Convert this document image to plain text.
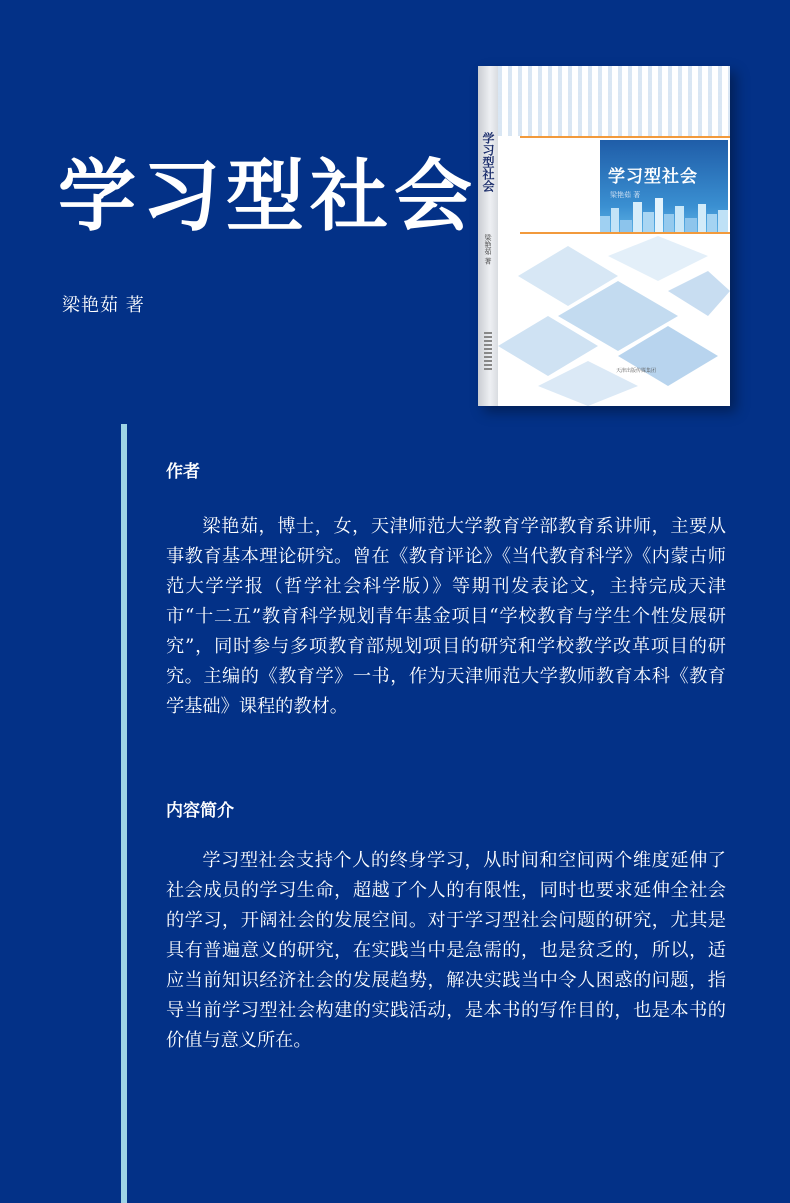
学习型社会
梁艳茹 著
学习型社会
梁艳茹 著
学习型社会
梁艳茹 著
天津出版传媒集团
作者
梁艳茹，博士，女，天津师范大学教育学部教育系讲师，主要从事教育基本理论研究。曾在《教育评论》《当代教育科学》《内蒙古师范大学学报（哲学社会科学版）》等期刊发表论文，主持完成天津市“十二五”教育科学规划青年基金项目“学校教育与学生个性发展研究”，同时参与多项教育部规划项目的研究和学校教学改革项目的研究。主编的《教育学》一书，作为天津师范大学教师教育本科《教育学基础》课程的教材。
内容简介
学习型社会支持个人的终身学习，从时间和空间两个维度延伸了社会成员的学习生命，超越了个人的有限性，同时也要求延伸全社会的学习，开阔社会的发展空间。对于学习型社会问题的研究，尤其是具有普遍意义的研究，在实践当中是急需的，也是贫乏的，所以，适应当前知识经济社会的发展趋势，解决实践当中令人困惑的问题，指导当前学习型社会构建的实践活动，是本书的写作目的，也是本书的价值与意义所在。
